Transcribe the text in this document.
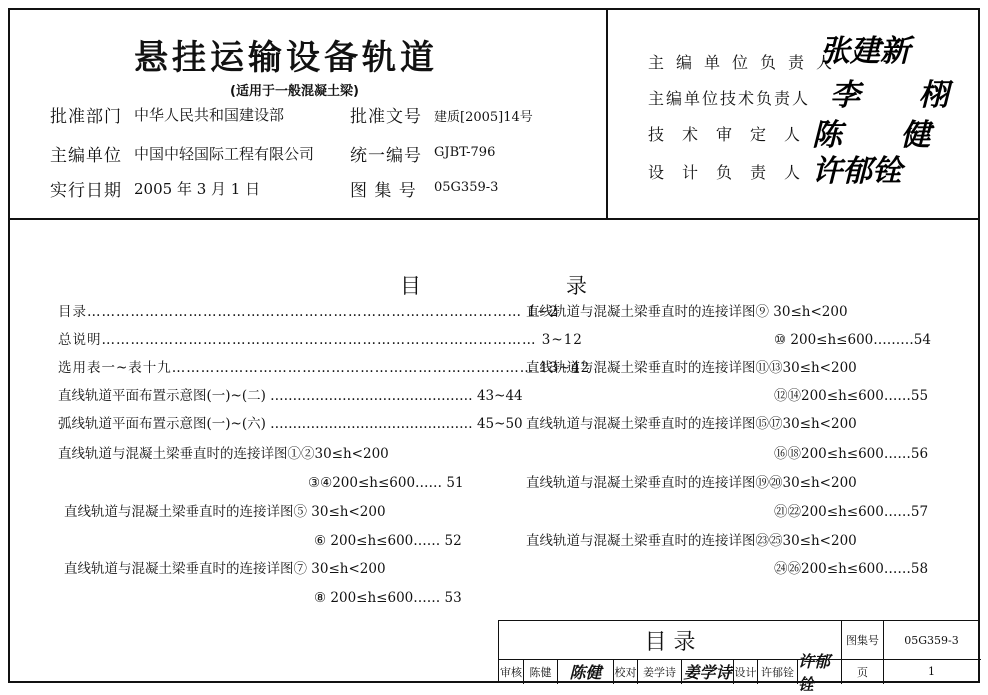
悬挂运输设备轨道
(适用于一般混凝土梁)
批准部门 中华人民共和国建设部	批准文号 建质[2005]14号
主编单位 中国中轻国际工程有限公司 统一编号 GJBT-796
实行日期 2005 年 3 月 1 日	图 集 号 05G359-3
主编单位负责人
张建新
主编单位技术负责人 李 栩
技术审定人
陈 健
设计负责人
许郁铨
目	录
目录……………………………………………………………………………… 1~2
总说明……………………………………………………………………………… 3~12
选用表一~表十九………………………………………………………………… 13~42
直线轨道平面布置示意图(一)~(二) ……………………………………… 43~44
弧线轨道平面布置示意图(一)~(六) ……………………………………… 45~50
直线轨道与混凝土梁垂直时的连接详图①②30≤h<200
③④200≤h≤600…… 51
直线轨道与混凝土梁垂直时的连接详图⑤ 30≤h<200
⑥ 200≤h≤600…… 52
直线轨道与混凝土梁垂直时的连接详图⑦ 30≤h<200
⑧ 200≤h≤600…… 53
直线轨道与混凝土梁垂直时的连接详图⑨ 30≤h<200
⑩ 200≤h≤600………54
直线轨道与混凝土梁垂直时的连接详图⑪⑬30≤h<200
⑫⑭200≤h≤600……55
直线轨道与混凝土梁垂直时的连接详图⑮⑰30≤h<200
⑯⑱200≤h≤600……56
直线轨道与混凝土梁垂直时的连接详图⑲⑳30≤h<200
㉑㉒200≤h≤600……57
直线轨道与混凝土梁垂直时的连接详图㉓㉕30≤h<200
㉔㉖200≤h≤600……58
目 录	图集号	05G359-3
页	1
审核 陈健	陈健	校对 姜学诗 姜学诗 设计 许郁铨
许郁铨
